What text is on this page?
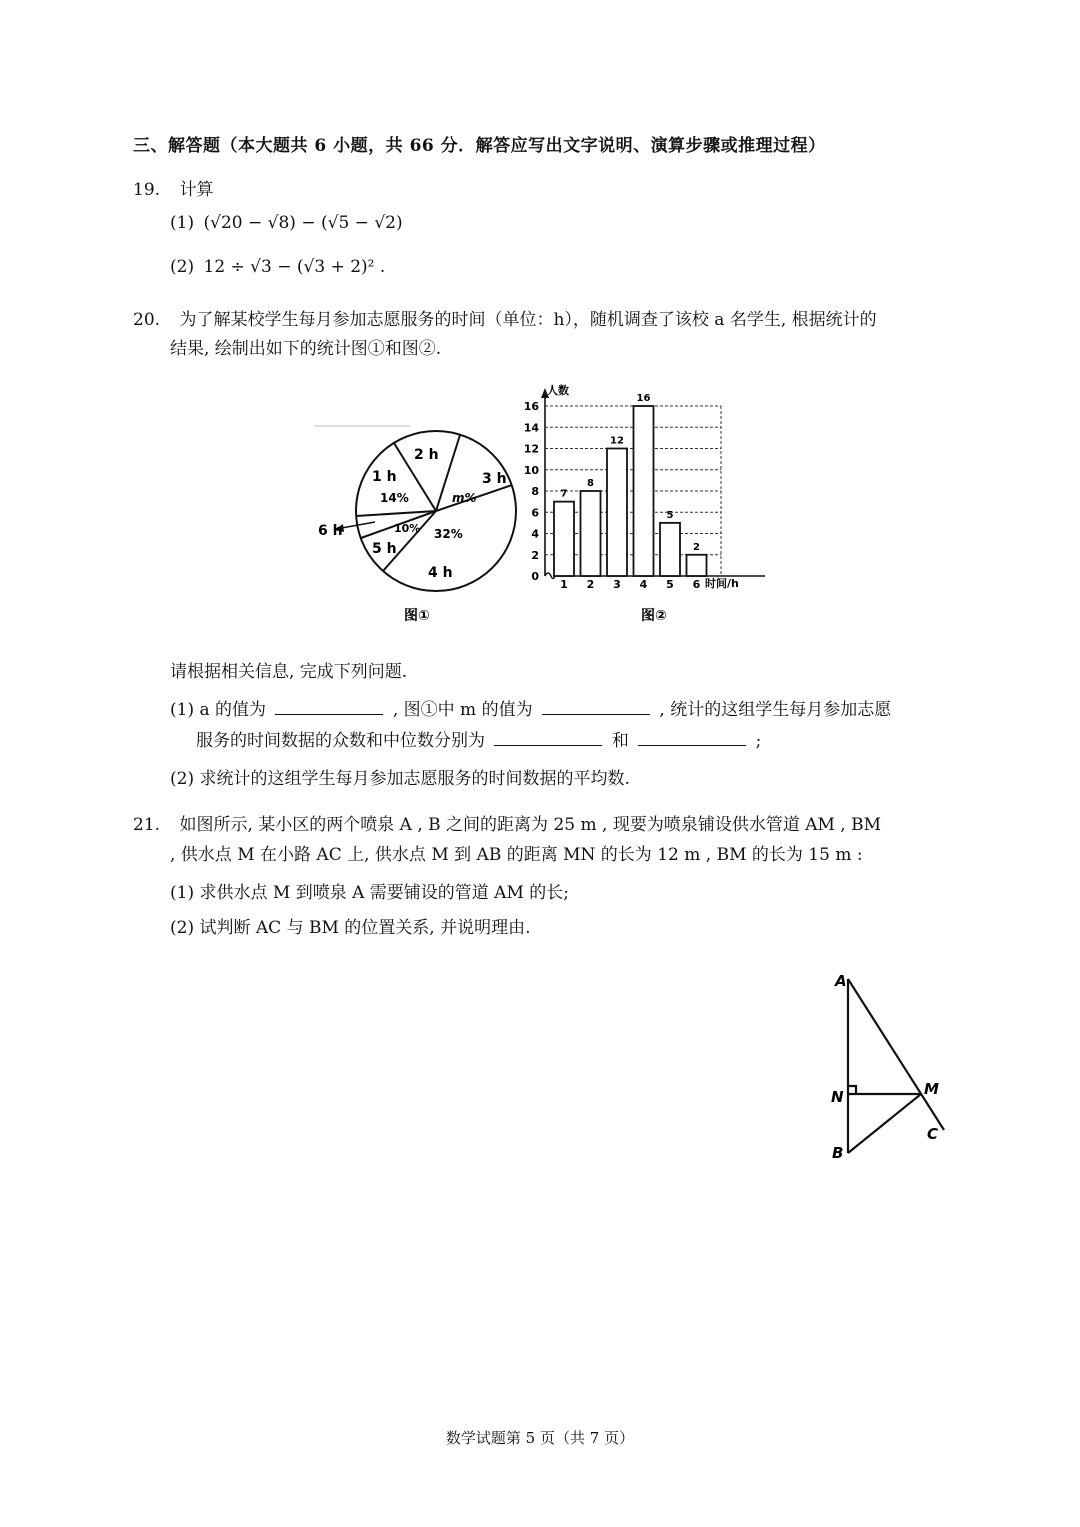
三、解答题（本大题共 6 小题，共 66 分．解答应写出文字说明、演算步骤或推理过程）
19. 计算
(1) (√20 − √8) − (√5 − √2)
(2) 12 ÷ √3 − (√3 + 2)² .
20. 为了解某校学生每月参加志愿服务的时间（单位：h），随机调查了该校 a 名学生, 根据统计的
结果, 绘制出如下的统计图①和图②.
1 h
14%
2 h
3 h
m%
32%
4 h
10%
5 h
6 h
图①
人数
时间/h
图②
0
2
4
6
8
10
12
14
16
7
1
8
2
12
3
16
4
5
5
2
6
请根据相关信息, 完成下列问题.
(1) a 的值为	, 图①中 m 的值为	, 统计的这组学生每月参加志愿
服务的时间数据的众数和中位数分别为	和	;
(2) 求统计的这组学生每月参加志愿服务的时间数据的平均数.
21. 如图所示, 某小区的两个喷泉 A , B 之间的距离为 25 m , 现要为喷泉铺设供水管道 AM , BM
, 供水点 M 在小路 AC 上, 供水点 M 到 AB 的距离 MN 的长为 12 m , BM 的长为 15 m :
(1) 求供水点 M 到喷泉 A 需要铺设的管道 AM 的长;
(2) 试判断 AC 与 BM 的位置关系, 并说明理由.
A
N	M
C
B
数学试题第 5 页（共 7 页）
